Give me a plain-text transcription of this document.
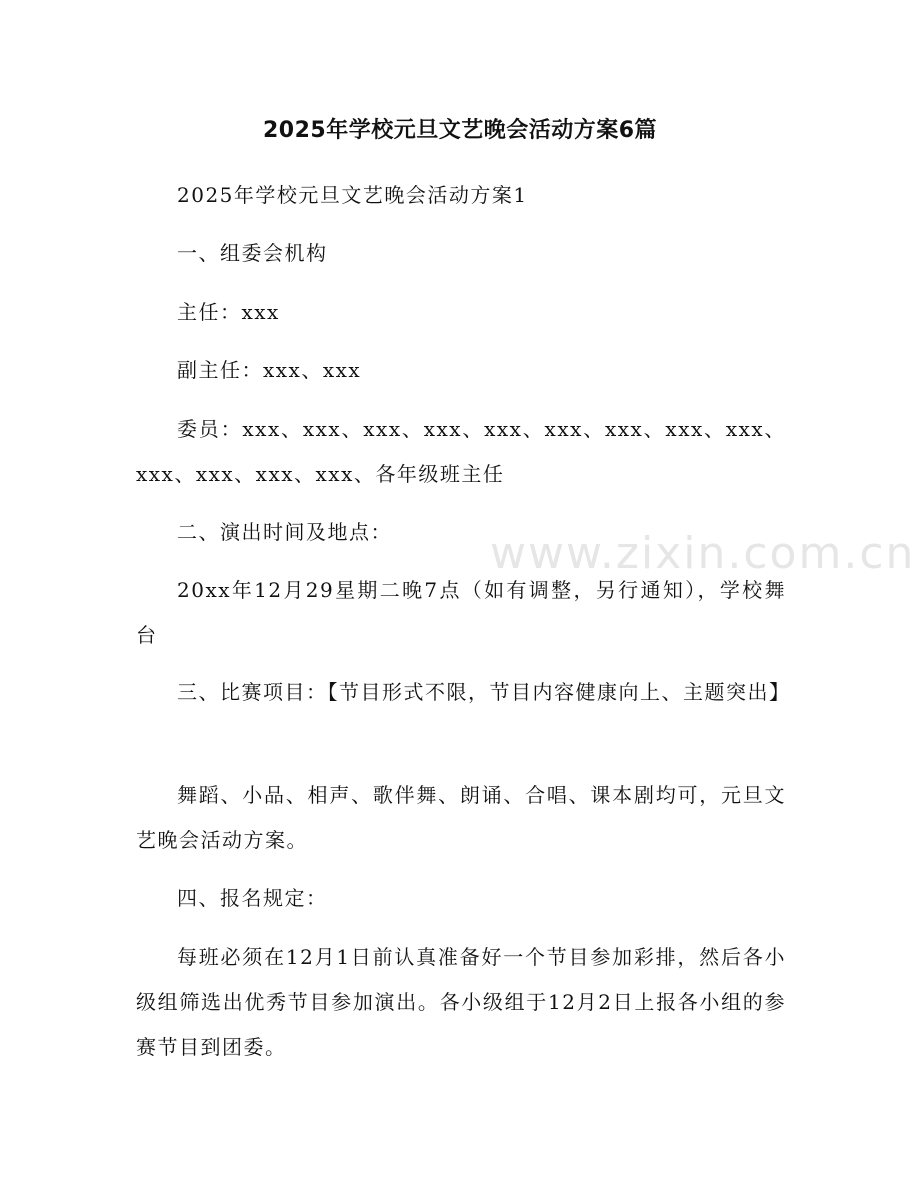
www.zixin.com.cn
2025年学校元旦文艺晚会活动方案6篇

2025年学校元旦文艺晚会活动方案1

一、组委会机构

主任：xxx

副主任：xxx、xxx

委员：xxx、xxx、xxx、xxx、xxx、xxx、xxx、xxx、xxx、xxx、xxx、xxx、xxx、各年级班主任

二、演出时间及地点：

20xx年12月29星期二晚7点（如有调整，另行通知），学校舞台

三、比赛项目：【节目形式不限，节目内容健康向上、主题突出】

舞蹈、小品、相声、歌伴舞、朗诵、合唱、课本剧均可，元旦文艺晚会活动方案。

四、报名规定：

每班必须在12月1日前认真准备好一个节目参加彩排，然后各小级组筛选出优秀节目参加演出。各小级组于12月2日上报各小组的参赛节目到团委。
